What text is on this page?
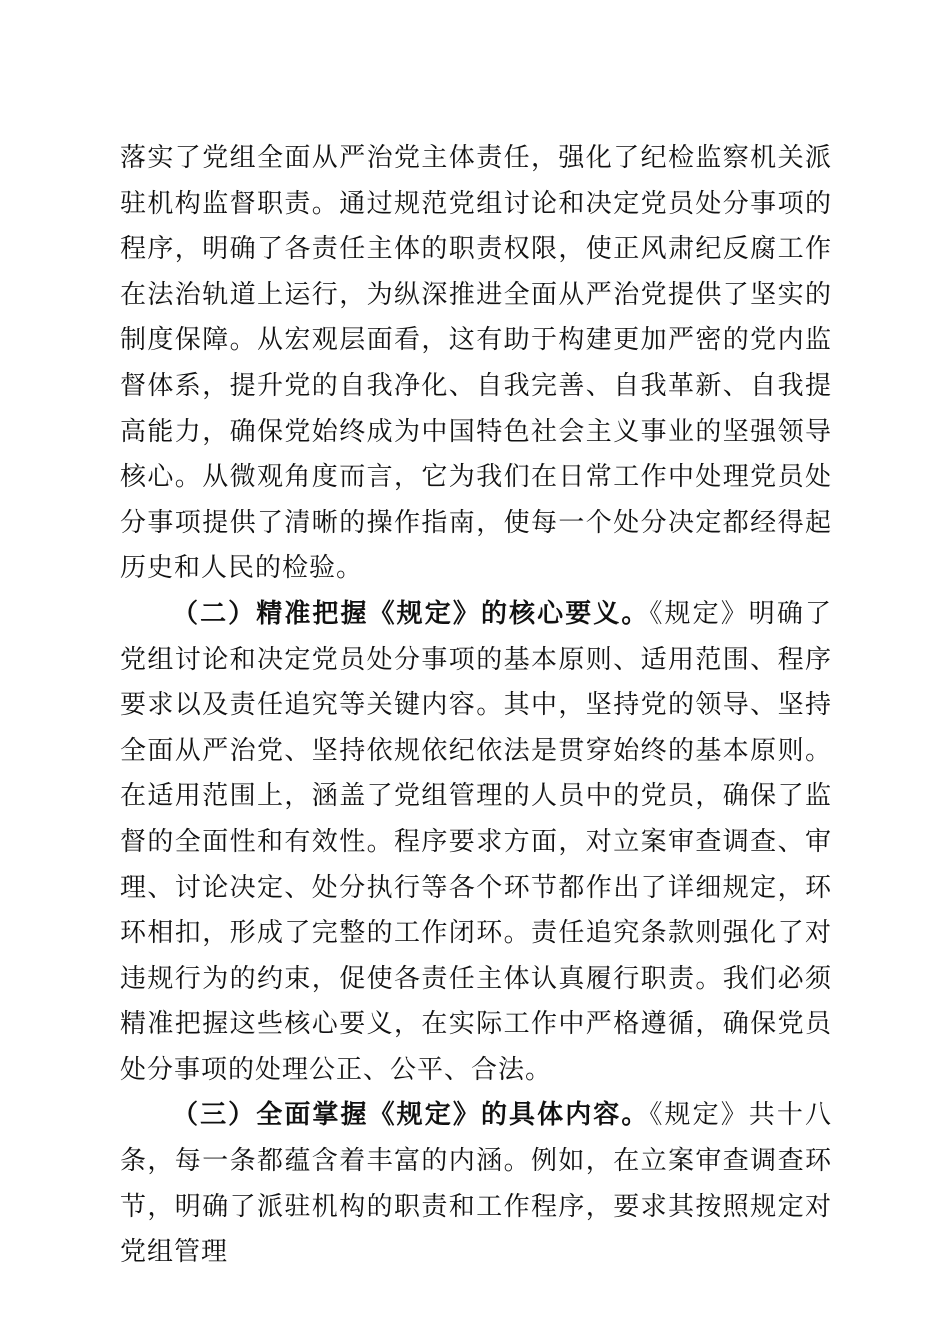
落实了党组全面从严治党主体责任，强化了纪检监察机关派驻机构监督职责。通过规范党组讨论和决定党员处分事项的程序，明确了各责任主体的职责权限，使正风肃纪反腐工作在法治轨道上运行，为纵深推进全面从严治党提供了坚实的制度保障。从宏观层面看，这有助于构建更加严密的党内监督体系，提升党的自我净化、自我完善、自我革新、自我提高能力，确保党始终成为中国特色社会主义事业的坚强领导核心。从微观角度而言，它为我们在日常工作中处理党员处分事项提供了清晰的操作指南，使每一个处分决定都经得起历史和人民的检验。

（二）精准把握《规定》的核心要义。《规定》明确了党组讨论和决定党员处分事项的基本原则、适用范围、程序要求以及责任追究等关键内容。其中，坚持党的领导、坚持全面从严治党、坚持依规依纪依法是贯穿始终的基本原则。在适用范围上，涵盖了党组管理的人员中的党员，确保了监督的全面性和有效性。程序要求方面，对立案审查调查、审理、讨论决定、处分执行等各个环节都作出了详细规定，环环相扣，形成了完整的工作闭环。责任追究条款则强化了对违规行为的约束，促使各责任主体认真履行职责。我们必须精准把握这些核心要义，在实际工作中严格遵循，确保党员处分事项的处理公正、公平、合法。

（三）全面掌握《规定》的具体内容。《规定》共十八条，每一条都蕴含着丰富的内涵。例如，在立案审查调查环节，明确了派驻机构的职责和工作程序，要求其按照规定对党组管理
